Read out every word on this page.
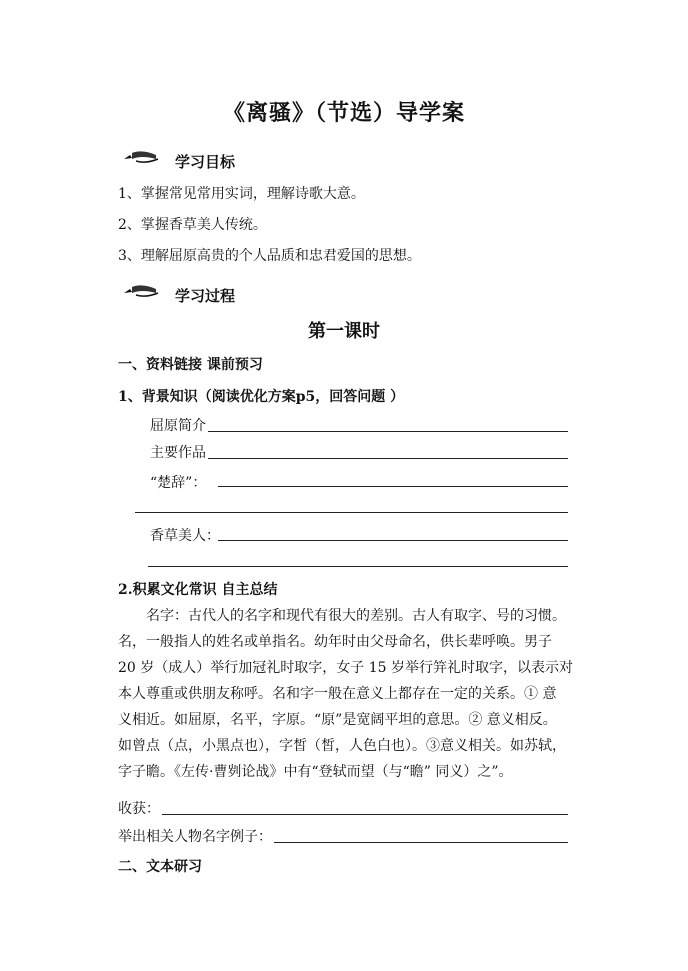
《离骚》（节选）导学案
学习目标
1、掌握常见常用实词，理解诗歌大意。
2、掌握香草美人传统。
3、理解屈原高贵的个人品质和忠君爱国的思想。
学习过程
第一课时
一、资料链接 课前预习
1、背景知识（阅读优化方案p5，回答问题 ）
屈原简介
主要作品
“楚辞”：
香草美人：
2.积累文化常识 自主总结
名字：古代人的名字和现代有很大的差别。古人有取字、号的习惯。
名，一般指人的姓名或单指名。幼年时由父母命名，供长辈呼唤。男子
20 岁（成人）举行加冠礼时取字，女子 15 岁举行笄礼时取字，以表示对
本人尊重或供朋友称呼。名和字一般在意义上都存在一定的关系。① 意
义相近。如屈原，名平，字原。“原”是宽阔平坦的意思。② 意义相反。
如曾点（点，小黑点也），字皙（皙，人色白也）。③意义相关。如苏轼，
字子瞻。《左传·曹刿论战》中有“登轼而望（与“瞻” 同义）之”。
收获：
举出相关人物名字例子：
二、文本研习
